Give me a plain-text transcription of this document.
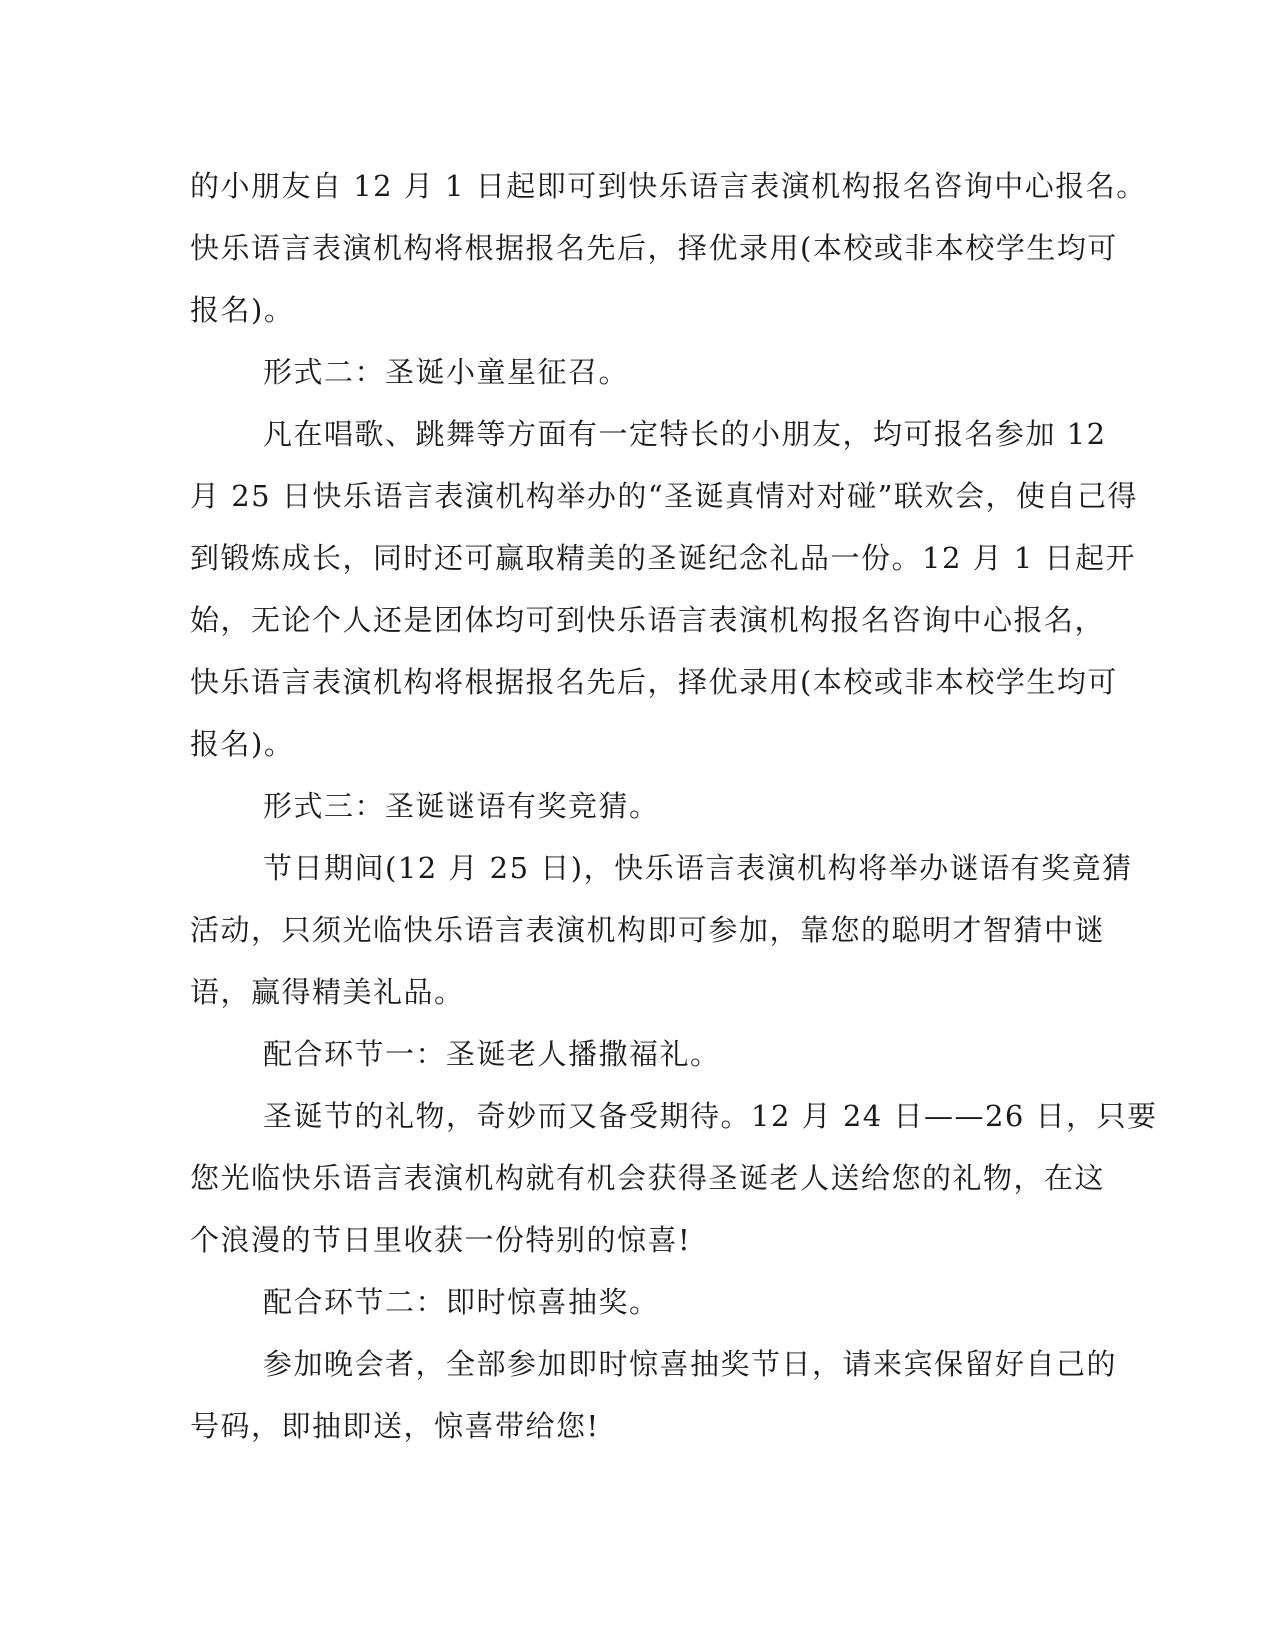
的小朋友自 12 月 1 日起即可到快乐语言表演机构报名咨询中心报名。
快乐语言表演机构将根据报名先后，择优录用(本校或非本校学生均可
报名)。
形式二：圣诞小童星征召。
凡在唱歌、跳舞等方面有一定特长的小朋友，均可报名参加 12
月 25 日快乐语言表演机构举办的“圣诞真情对对碰”联欢会，使自己得
到锻炼成长，同时还可赢取精美的圣诞纪念礼品一份。12 月 1 日起开
始，无论个人还是团体均可到快乐语言表演机构报名咨询中心报名，
快乐语言表演机构将根据报名先后，择优录用(本校或非本校学生均可
报名)。
形式三：圣诞谜语有奖竞猜。
节日期间(12 月 25 日)，快乐语言表演机构将举办谜语有奖竟猜
活动，只须光临快乐语言表演机构即可参加，靠您的聪明才智猜中谜
语，赢得精美礼品。
配合环节一：圣诞老人播撒福礼。
圣诞节的礼物，奇妙而又备受期待。12 月 24 日——26 日，只要
您光临快乐语言表演机构就有机会获得圣诞老人送给您的礼物，在这
个浪漫的节日里收获一份特别的惊喜!
配合环节二：即时惊喜抽奖。
参加晚会者，全部参加即时惊喜抽奖节日，请来宾保留好自己的
号码，即抽即送，惊喜带给您!
